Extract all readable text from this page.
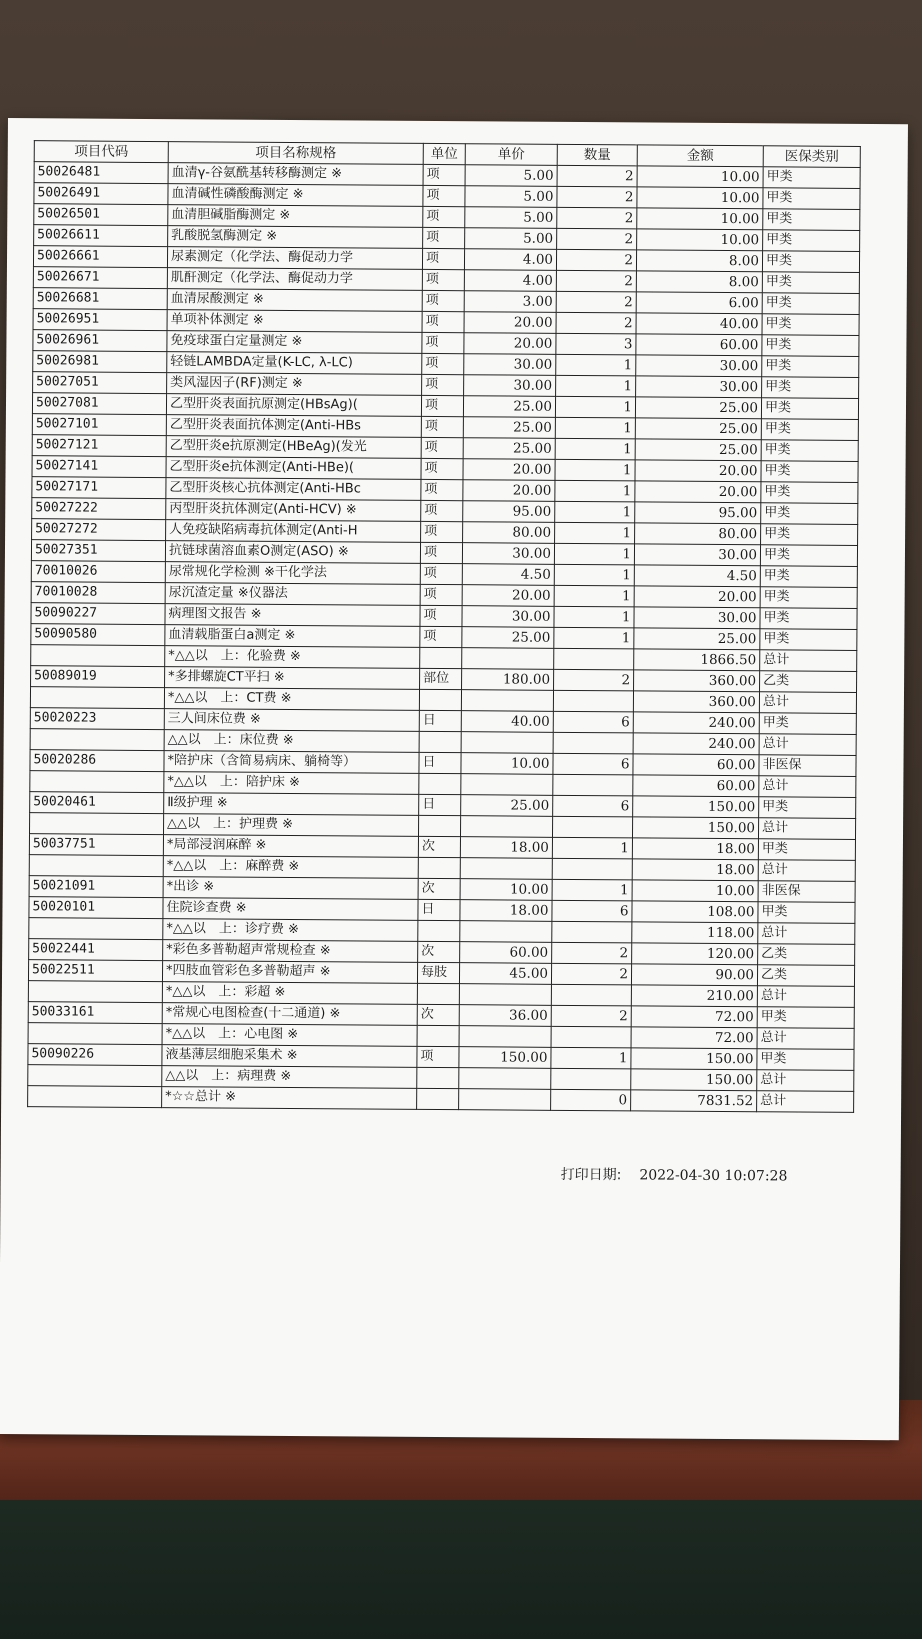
项目代码	项目名称规格	单位	单价	数量	金额	医保类别
50026481	血清γ-谷氨酰基转移酶测定 ※	项	5.00	2	10.00	甲类
50026491	血清碱性磷酸酶测定 ※	项	5.00	2	10.00	甲类
50026501	血清胆碱脂酶测定 ※	项	5.00	2	10.00	甲类
50026611	乳酸脱氢酶测定 ※	项	5.00	2	10.00	甲类
50026661	尿素测定（化学法、酶促动力学	项	4.00	2	8.00	甲类
50026671	肌酐测定（化学法、酶促动力学	项	4.00	2	8.00	甲类
50026681	血清尿酸测定 ※	项	3.00	2	6.00	甲类
50026951	单项补体测定 ※	项	20.00	2	40.00	甲类
50026961	免疫球蛋白定量测定 ※	项	20.00	3	60.00	甲类
50026981	轻链LAMBDA定量(K-LC, λ-LC)	项	30.00	1	30.00	甲类
50027051	类风湿因子(RF)测定 ※	项	30.00	1	30.00	甲类
50027081	乙型肝炎表面抗原测定(HBsAg)(	项	25.00	1	25.00	甲类
50027101	乙型肝炎表面抗体测定(Anti-HBs	项	25.00	1	25.00	甲类
50027121	乙型肝炎e抗原测定(HBeAg)(发光	项	25.00	1	25.00	甲类
50027141	乙型肝炎e抗体测定(Anti-HBe)(	项	20.00	1	20.00	甲类
50027171	乙型肝炎核心抗体测定(Anti-HBc	项	20.00	1	20.00	甲类
50027222	丙型肝炎抗体测定(Anti-HCV) ※	项	95.00	1	95.00	甲类
50027272	人免疫缺陷病毒抗体测定(Anti-H	项	80.00	1	80.00	甲类
50027351	抗链球菌溶血素O测定(ASO) ※	项	30.00	1	30.00	甲类
70010026	尿常规化学检测 ※干化学法	项	4.50	1	4.50	甲类
70010028	尿沉渣定量 ※仪器法	项	20.00	1	20.00	甲类
50090227	病理图文报告 ※	项	30.00	1	30.00	甲类
50090580	血清载脂蛋白a测定 ※	项	25.00	1	25.00	甲类
	*△△以　上：化验费 ※				1866.50	总计
50089019	*多排螺旋CT平扫 ※	部位	180.00	2	360.00	乙类
	*△△以　上：CT费 ※				360.00	总计
50020223	三人间床位费 ※	日	40.00	6	240.00	甲类
	△△以　上：床位费 ※				240.00	总计
50020286	*陪护床（含简易病床、躺椅等）	日	10.00	6	60.00	非医保
	*△△以　上：陪护床 ※				60.00	总计
50020461	Ⅱ级护理 ※	日	25.00	6	150.00	甲类
	△△以　上：护理费 ※				150.00	总计
50037751	*局部浸润麻醉 ※	次	18.00	1	18.00	甲类
	*△△以　上：麻醉费 ※				18.00	总计
50021091	*出诊 ※	次	10.00	1	10.00	非医保
50020101	住院诊查费 ※	日	18.00	6	108.00	甲类
	*△△以　上：诊疗费 ※				118.00	总计
50022441	*彩色多普勒超声常规检查 ※	次	60.00	2	120.00	乙类
50022511	*四肢血管彩色多普勒超声 ※	每肢	45.00	2	90.00	乙类
	*△△以　上：彩超 ※				210.00	总计
50033161	*常规心电图检查(十二通道) ※	次	36.00	2	72.00	甲类
	*△△以　上：心电图 ※				72.00	总计
50090226	液基薄层细胞采集术 ※	项	150.00	1	150.00	甲类
	△△以　上：病理费 ※				150.00	总计
	*☆☆总计 ※			0	7831.52	总计
打印日期: 2022-04-30 10:07:28
